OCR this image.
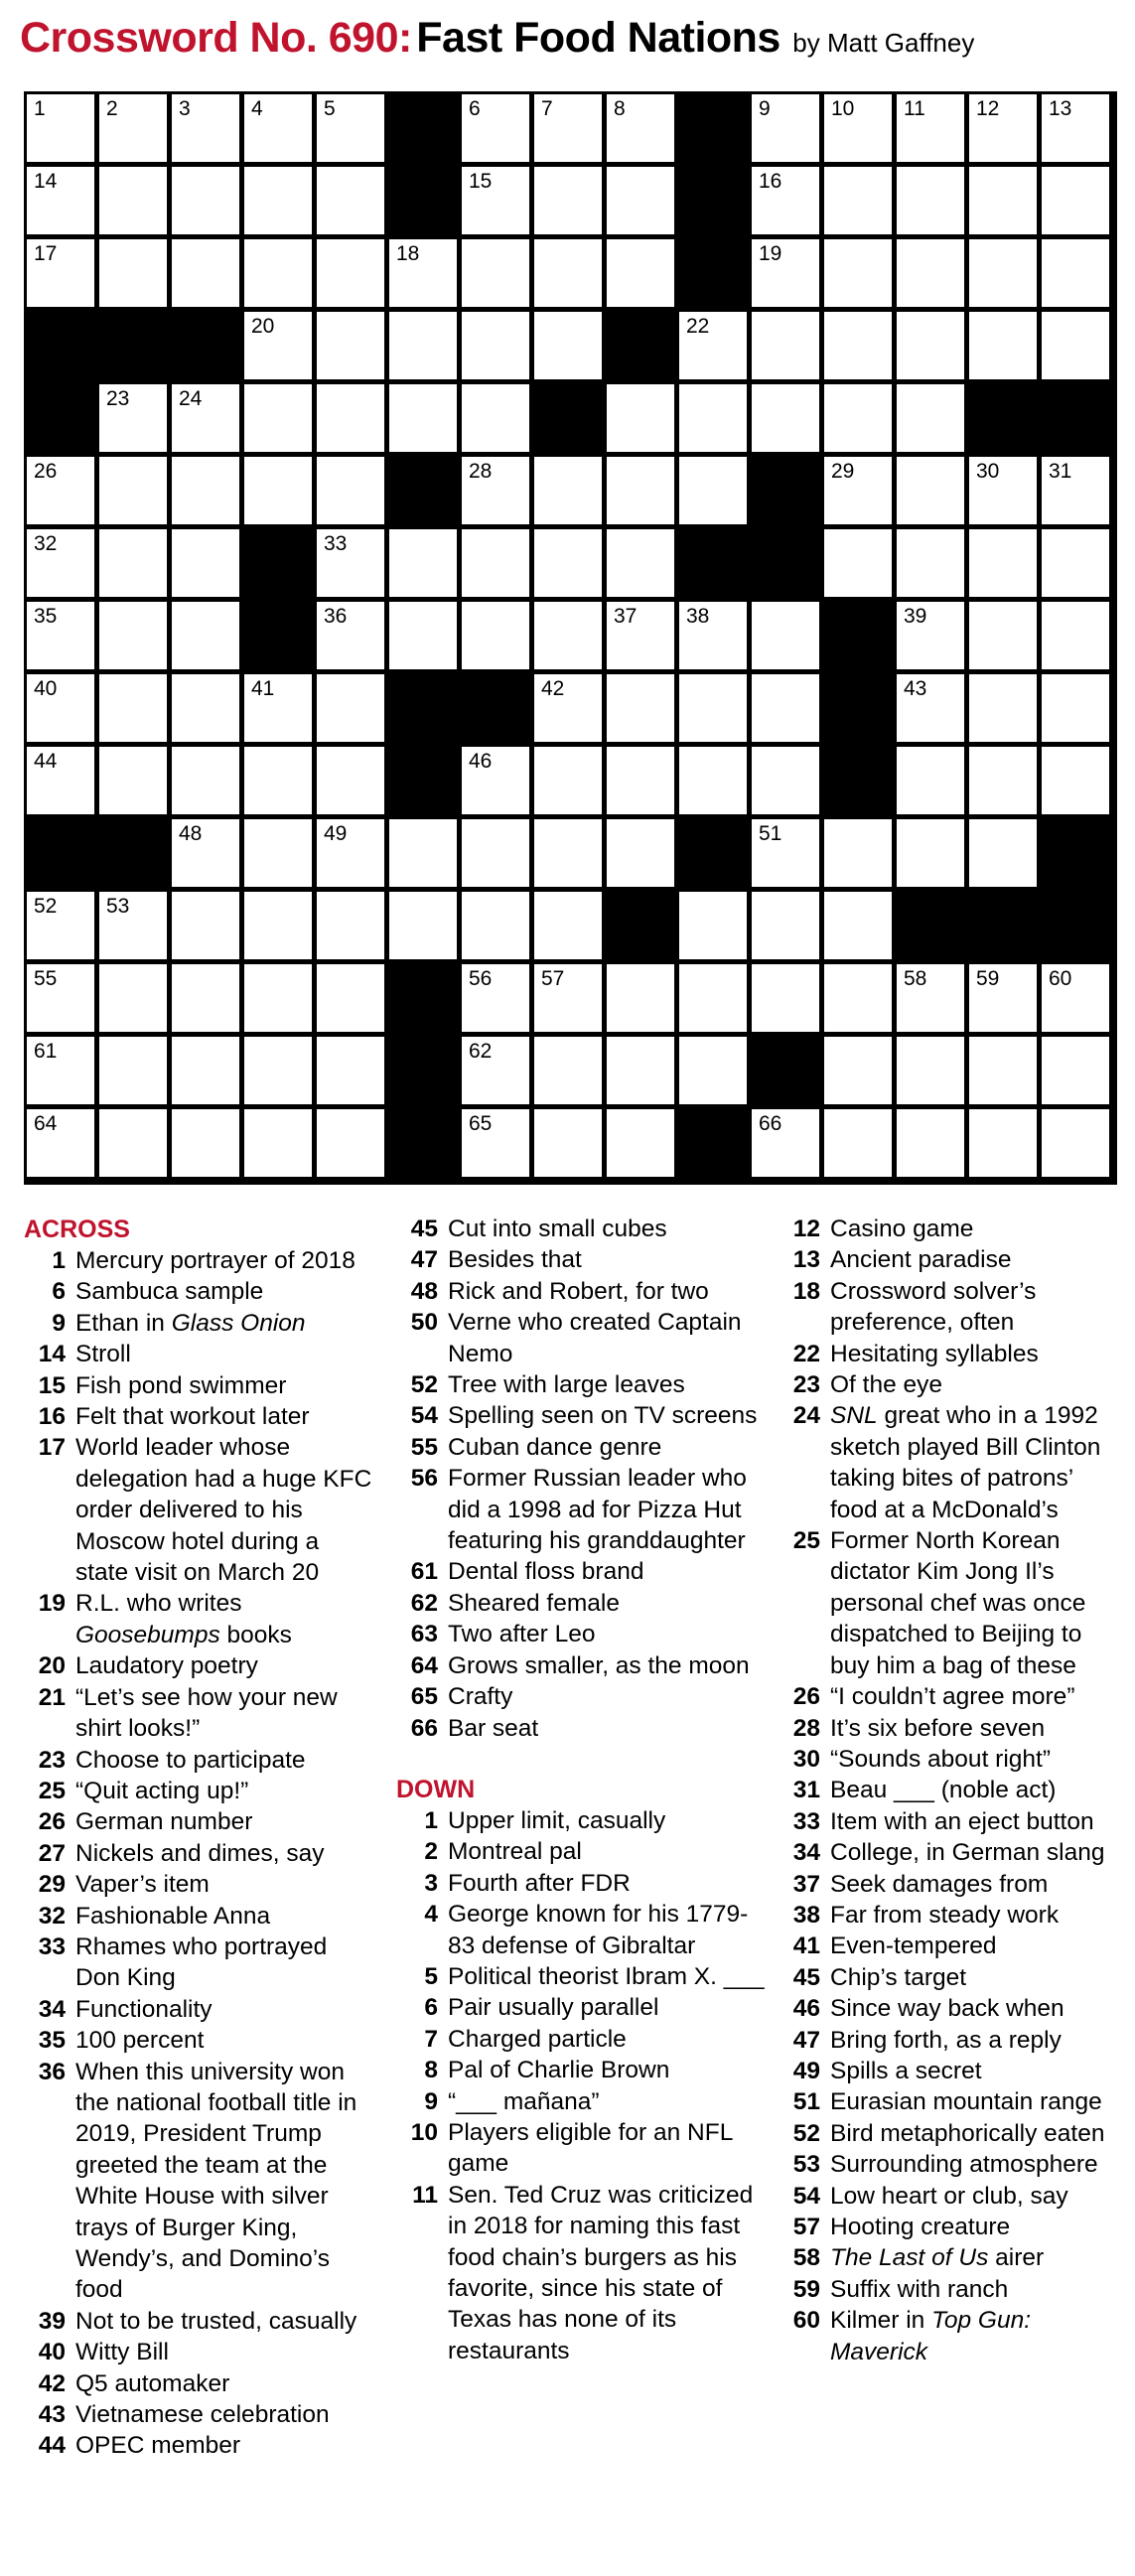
Crossword No. 690: Fast Food Nations by Matt Gaffney
1	2	3	4	5	6	7	8	9	10 11 12 13
14	15	16
17	18	19
20	22
23 24
26	28	29	30 31
32	33
35	36	37 38	39
40	41	42	43
44	46
48	49	51
52 53
55	56 57	58 59 60
61	62
64	65	66
ACROSS
1 Mercury portrayer of 2018
6 Sambuca sample
9 Ethan in Glass Onion
14 Stroll
15 Fish pond swimmer
16 Felt that workout later
17 World leader whose delegation had a huge KFC order delivered to his Moscow hotel during a state visit on March 20
19 R.L. who writes Goosebumps books
20 Laudatory poetry
21 “Let’s see how your new shirt looks!”
23 Choose to participate
25 “Quit acting up!”
26 German number
27 Nickels and dimes, say
29 Vaper’s item
32 Fashionable Anna
33 Rhames who portrayed Don King
34 Functionality
35 100 percent
36 When this university won the national football title in 2019, President Trump greeted the team at the White House with silver trays of Burger King, Wendy’s, and Domino’s food
39 Not to be trusted, casually
40 Witty Bill
42 Q5 automaker
43 Vietnamese celebration
44 OPEC member
45 Cut into small cubes
47 Besides that
48 Rick and Robert, for two
50 Verne who created Captain Nemo
52 Tree with large leaves
54 Spelling seen on TV screens
55 Cuban dance genre
56 Former Russian leader who did a 1998 ad for Pizza Hut featuring his granddaughter
61 Dental floss brand
62 Sheared female
63 Two after Leo
64 Grows smaller, as the moon
65 Crafty
66 Bar seat
DOWN
1 Upper limit, casually
2 Montreal pal
3 Fourth after FDR
4 George known for his 1779-83 defense of Gibraltar
5 Political theorist Ibram X. ___
6 Pair usually parallel
7 Charged particle
8 Pal of Charlie Brown
9 “___ mañana”
10 Players eligible for an NFL game
11 Sen. Ted Cruz was criticized in 2018 for naming this fast food chain’s burgers as his favorite, since his state of Texas has none of its restaurants
12 Casino game
13 Ancient paradise
18 Crossword solver’s preference, often
22 Hesitating syllables
23 Of the eye
24 SNL great who in a 1992 sketch played Bill Clinton taking bites of patrons’ food at a McDonald’s
25 Former North Korean dictator Kim Jong Il’s personal chef was once dispatched to Beijing to buy him a bag of these
26 “I couldn’t agree more”
28 It’s six before seven
30 “Sounds about right”
31 Beau ___ (noble act)
33 Item with an eject button
34 College, in German slang
37 Seek damages from
38 Far from steady work
41 Even-tempered
45 Chip’s target
46 Since way back when
47 Bring forth, as a reply
49 Spills a secret
51 Eurasian mountain range
52 Bird metaphorically eaten
53 Surrounding atmosphere
54 Low heart or club, say
57 Hooting creature
58 The Last of Us airer
59 Suffix with ranch
60 Kilmer in Top Gun: Maverick
